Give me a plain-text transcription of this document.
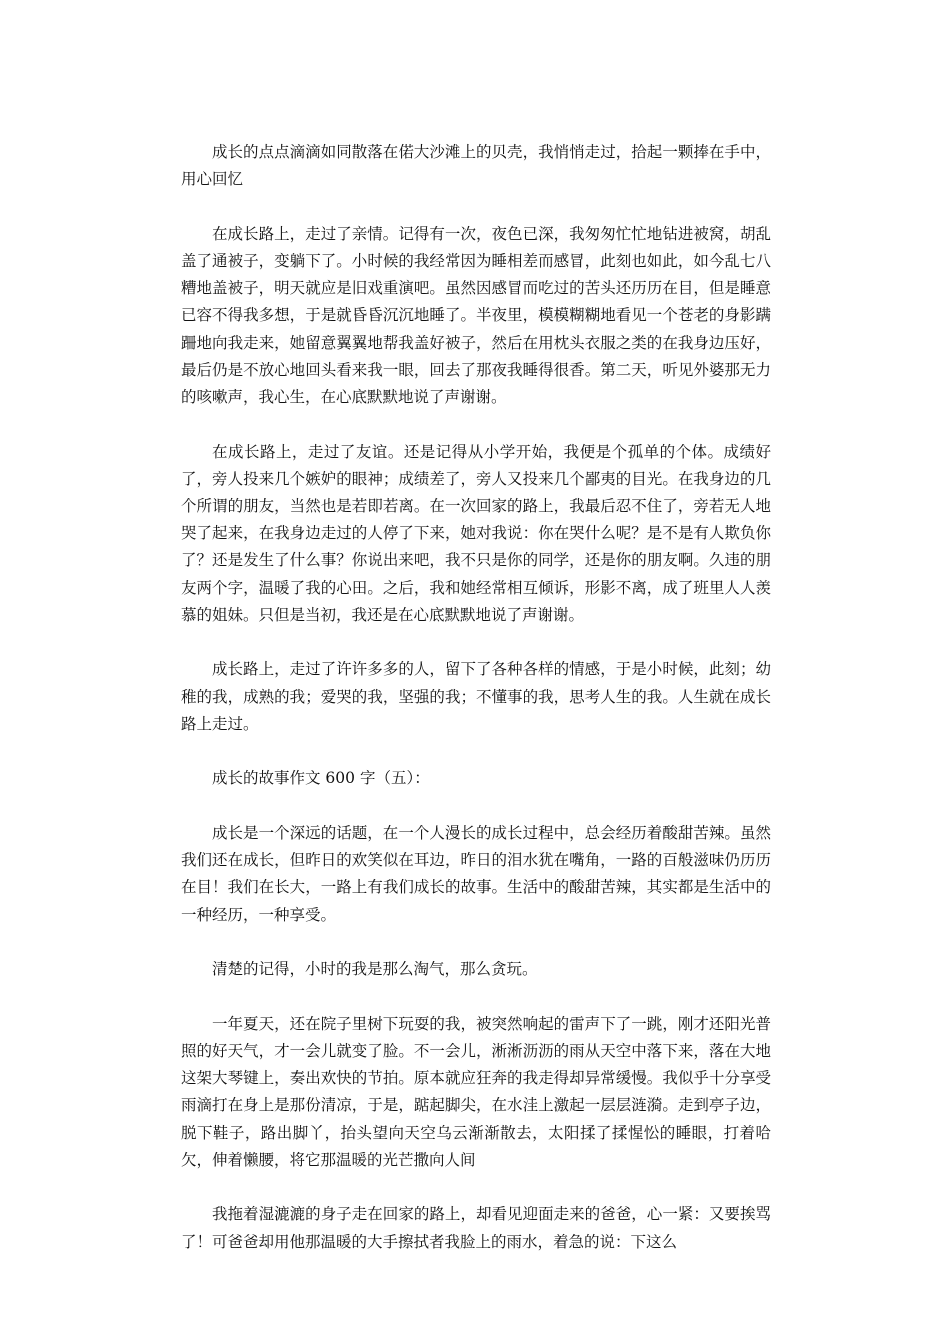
成长的点点滴滴如同散落在偌大沙滩上的贝壳，我悄悄走过，拾起一颗捧在手中，用心回忆

在成长路上，走过了亲情。记得有一次，夜色已深，我匆匆忙忙地钻进被窝，胡乱盖了通被子，变躺下了。小时候的我经常因为睡相差而感冒，此刻也如此，如今乱七八糟地盖被子，明天就应是旧戏重演吧。虽然因感冒而吃过的苦头还历历在目，但是睡意已容不得我多想，于是就昏昏沉沉地睡了。半夜里，模模糊糊地看见一个苍老的身影蹒跚地向我走来，她留意翼翼地帮我盖好被子，然后在用枕头衣服之类的在我身边压好，最后仍是不放心地回头看来我一眼，回去了那夜我睡得很香。第二天，听见外婆那无力的咳嗽声，我心生，在心底默默地说了声谢谢。

在成长路上，走过了友谊。还是记得从小学开始，我便是个孤单的个体。成绩好了，旁人投来几个嫉妒的眼神；成绩差了，旁人又投来几个鄙夷的目光。在我身边的几个所谓的朋友，当然也是若即若离。在一次回家的路上，我最后忍不住了，旁若无人地哭了起来，在我身边走过的人停了下来，她对我说：你在哭什么呢？是不是有人欺负你了？还是发生了什么事？你说出来吧，我不只是你的同学，还是你的朋友啊。久违的朋友两个字，温暖了我的心田。之后，我和她经常相互倾诉，形影不离，成了班里人人羡慕的姐妹。只但是当初，我还是在心底默默地说了声谢谢。

成长路上，走过了许许多多的人，留下了各种各样的情感，于是小时候，此刻；幼稚的我，成熟的我；爱哭的我，坚强的我；不懂事的我，思考人生的我。人生就在成长路上走过。

成长的故事作文 600 字（五）：

成长是一个深远的话题，在一个人漫长的成长过程中，总会经历着酸甜苦辣。虽然我们还在成长，但昨日的欢笑似在耳边，昨日的泪水犹在嘴角，一路的百般滋味仍历历在目！我们在长大，一路上有我们成长的故事。生活中的酸甜苦辣，其实都是生活中的一种经历，一种享受。

清楚的记得，小时的我是那么淘气，那么贪玩。

一年夏天，还在院子里树下玩耍的我，被突然响起的雷声下了一跳，刚才还阳光普照的好天气，才一会儿就变了脸。不一会儿，淅淅沥沥的雨从天空中落下来，落在大地这架大琴键上，奏出欢快的节拍。原本就应狂奔的我走得却异常缓慢。我似乎十分享受雨滴打在身上是那份清凉，于是，踮起脚尖，在水洼上激起一层层涟漪。走到亭子边，脱下鞋子，路出脚丫，抬头望向天空乌云渐渐散去，太阳揉了揉惺忪的睡眼，打着哈欠，伸着懒腰，将它那温暖的光芒撒向人间

我拖着湿漉漉的身子走在回家的路上，却看见迎面走来的爸爸，心一紧：又要挨骂了！可爸爸却用他那温暖的大手擦拭者我脸上的雨水，着急的说：下这么
